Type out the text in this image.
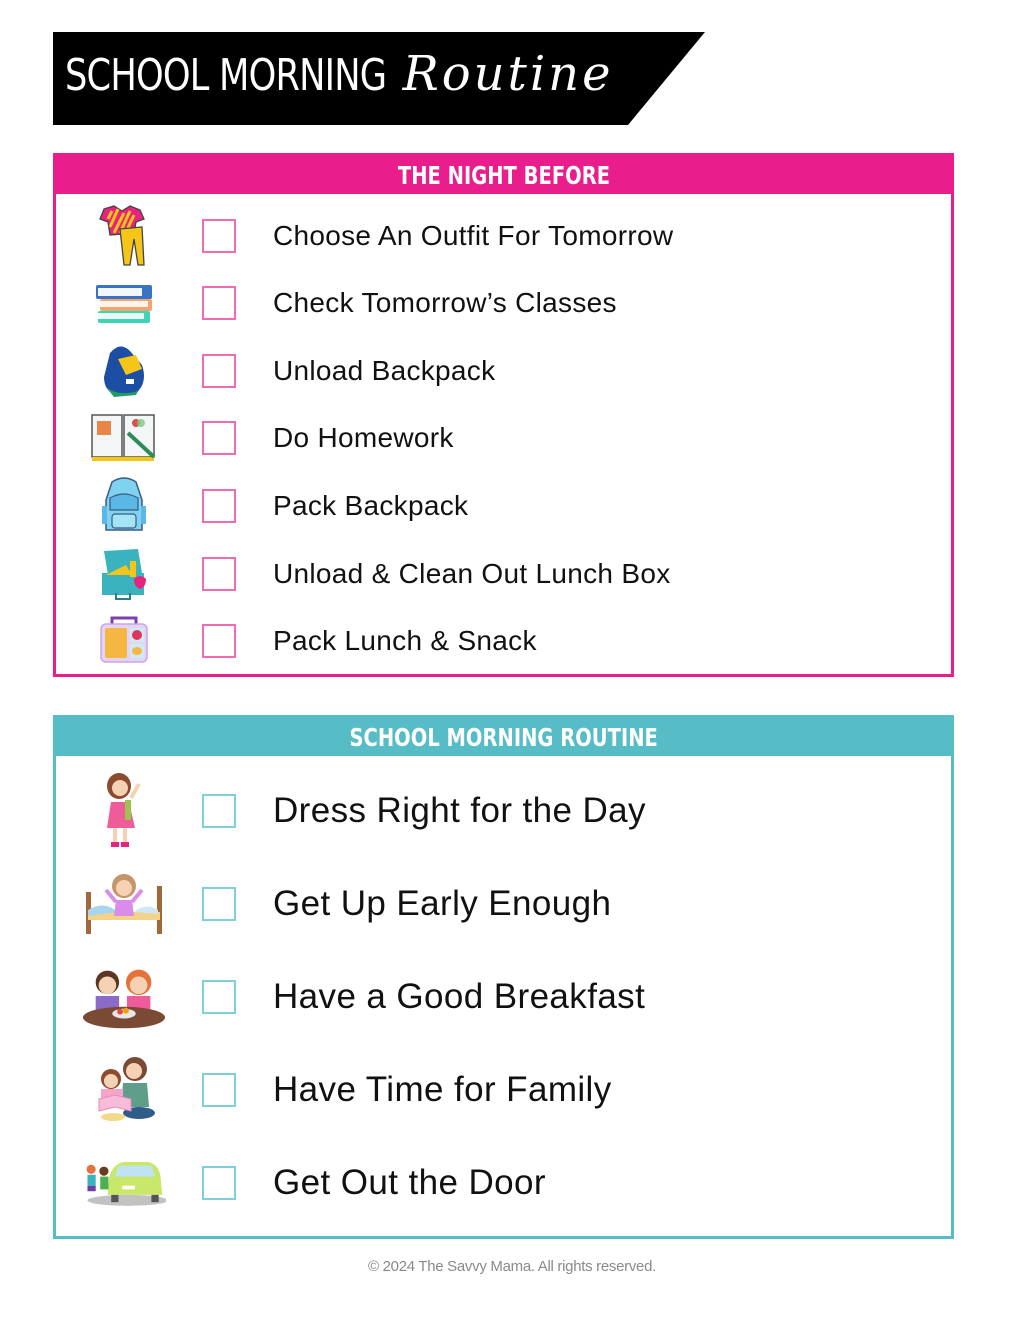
SCHOOL MORNING Routine
THE NIGHT BEFORE
Choose An Outfit For Tomorrow
Check Tomorrow’s Classes
Unload Backpack
Do Homework
Pack Backpack
Unload & Clean Out Lunch Box
Pack Lunch & Snack
SCHOOL MORNING ROUTINE
Dress Right for the Day
Get Up Early Enough
Have a Good Breakfast
Have Time for Family
Get Out the Door
© 2024 The Savvy Mama. All rights reserved.
